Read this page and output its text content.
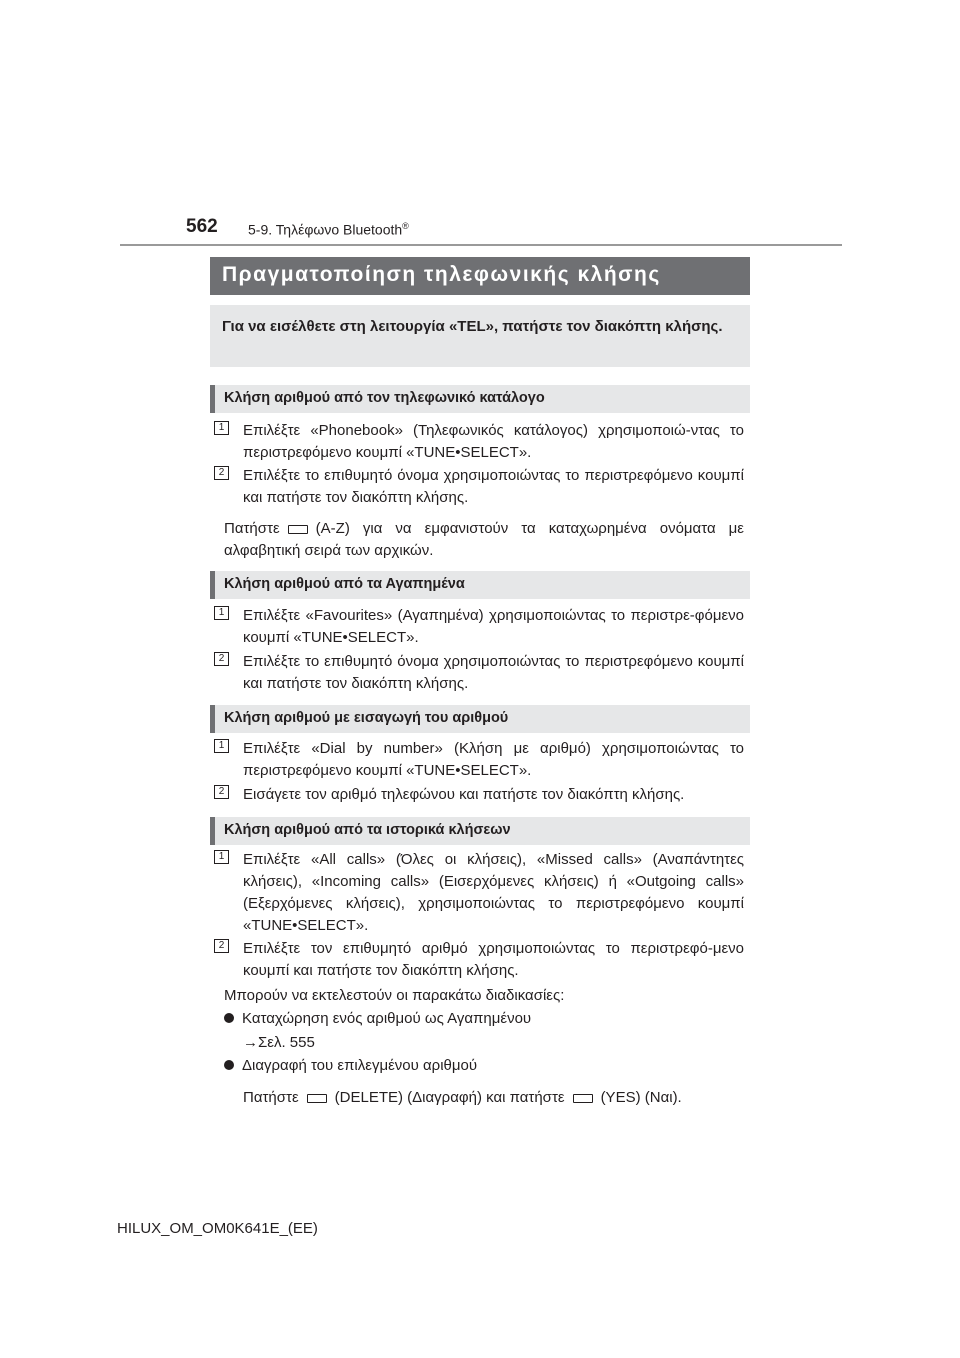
562 5-9. Τηλέφωνο Bluetooth®
Πραγματοποίηση τηλεφωνικής κλήσης
Για να εισέλθετε στη λειτουργία «TEL», πατήστε τον διακόπτη κλήσης.
Κλήση αριθμού από τον τηλεφωνικό κατάλογο
1	Επιλέξτε «Phonebook» (Τηλεφωνικός κατάλογος) χρησιμοποιώ-ντας το περιστρεφόμενο κουμπί «TUNE•SELECT».
2	Επιλέξτε το επιθυμητό όνομα χρησιμοποιώντας το περιστρεφόμενο κουμπί και πατήστε τον διακόπτη κλήσης.
Πατήστε (A-Z) για να εμφανιστούν τα καταχωρημένα ονόματα με αλφαβητική σειρά των αρχικών.
Κλήση αριθμού από τα Αγαπημένα
1	Επιλέξτε «Favourites» (Αγαπημένα) χρησιμοποιώντας το περιστρε-φόμενο κουμπί «TUNE•SELECT».
2	Επιλέξτε το επιθυμητό όνομα χρησιμοποιώντας το περιστρεφόμενο κουμπί και πατήστε τον διακόπτη κλήσης.
Κλήση αριθμού με εισαγωγή του αριθμού
1	Επιλέξτε «Dial by number» (Κλήση με αριθμό) χρησιμοποιώντας το περιστρεφόμενο κουμπί «TUNE•SELECT».
2	Εισάγετε τον αριθμό τηλεφώνου και πατήστε τον διακόπτη κλήσης.
Κλήση αριθμού από τα ιστορικά κλήσεων
1	Επιλέξτε «All calls» (Όλες οι κλήσεις), «Missed calls» (Αναπάντητες κλήσεις), «Incoming calls» (Εισερχόμενες κλήσεις) ή «Outgoing calls» (Εξερχόμενες κλήσεις), χρησιμοποιώντας το περιστρεφόμενο κουμπί «TUNE•SELECT».
2	Επιλέξτε τον επιθυμητό αριθμό χρησιμοποιώντας το περιστρεφό-μενο κουμπί και πατήστε τον διακόπτη κλήσης.
Μπορούν να εκτελεστούν οι παρακάτω διαδικασίες:
Καταχώρηση ενός αριθμού ως Αγαπημένου
→Σελ. 555
Διαγραφή του επιλεγμένου αριθμού
Πατήστε (DELETE) (Διαγραφή) και πατήστε (YES) (Ναι).
HILUX_OM_OM0K641E_(EE)
